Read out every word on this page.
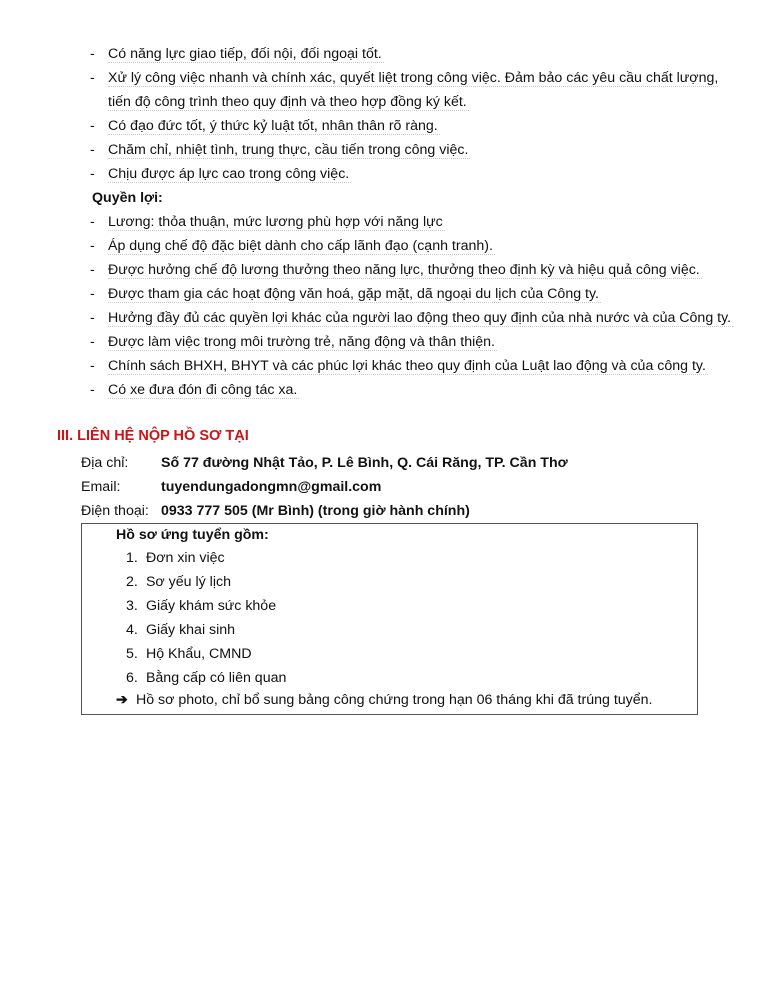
- Có năng lực giao tiếp, đối nội, đối ngoại tốt.
- Xử lý công việc nhanh và chính xác, quyết liệt trong công việc. Đảm bảo các yêu cầu chất lượng, tiến độ công trình theo quy định và theo hợp đồng ký kết.
- Có đạo đức tốt, ý thức kỷ luật tốt, nhân thân rõ ràng.
- Chăm chỉ, nhiệt tình, trung thực, cầu tiến trong công việc.
- Chịu được áp lực cao trong công việc.
Quyền lợi:
- Lương: thỏa thuận, mức lương phù hợp với năng lực
- Áp dụng chế độ đặc biệt dành cho cấp lãnh đạo (cạnh tranh).
- Được hưởng chế độ lương thưởng theo năng lực, thưởng theo định kỳ và hiệu quả công việc.
- Được tham gia các hoạt động văn hoá, gặp mặt, dã ngoại du lịch của Công ty.
- Hưởng đầy đủ các quyền lợi khác của người lao động theo quy định của nhà nước và của Công ty.
- Được làm việc trong môi trường trẻ, năng động và thân thiện.
- Chính sách BHXH, BHYT và các phúc lợi khác theo quy định của Luật lao động và của công ty.
- Có xe đưa đón đi công tác xa.
III. LIÊN HỆ NỘP HỒ SƠ TẠI
Địa chỉ:	Số 77 đường Nhật Tảo, P. Lê Bình, Q. Cái Răng, TP. Cần Thơ
Email:	tuyendungadongmn@gmail.com
Điện thoại: 0933 777 505 (Mr Bình) (trong giờ hành chính)
Hồ sơ ứng tuyển gồm:
1. Đơn xin việc
2. Sơ yếu lý lịch
3. Giấy khám sức khỏe
4. Giấy khai sinh
5. Hộ Khẩu, CMND
6. Bằng cấp có liên quan
➔ Hồ sơ photo, chỉ bổ sung bảng công chứng trong hạn 06 tháng khi đã trúng tuyển.
